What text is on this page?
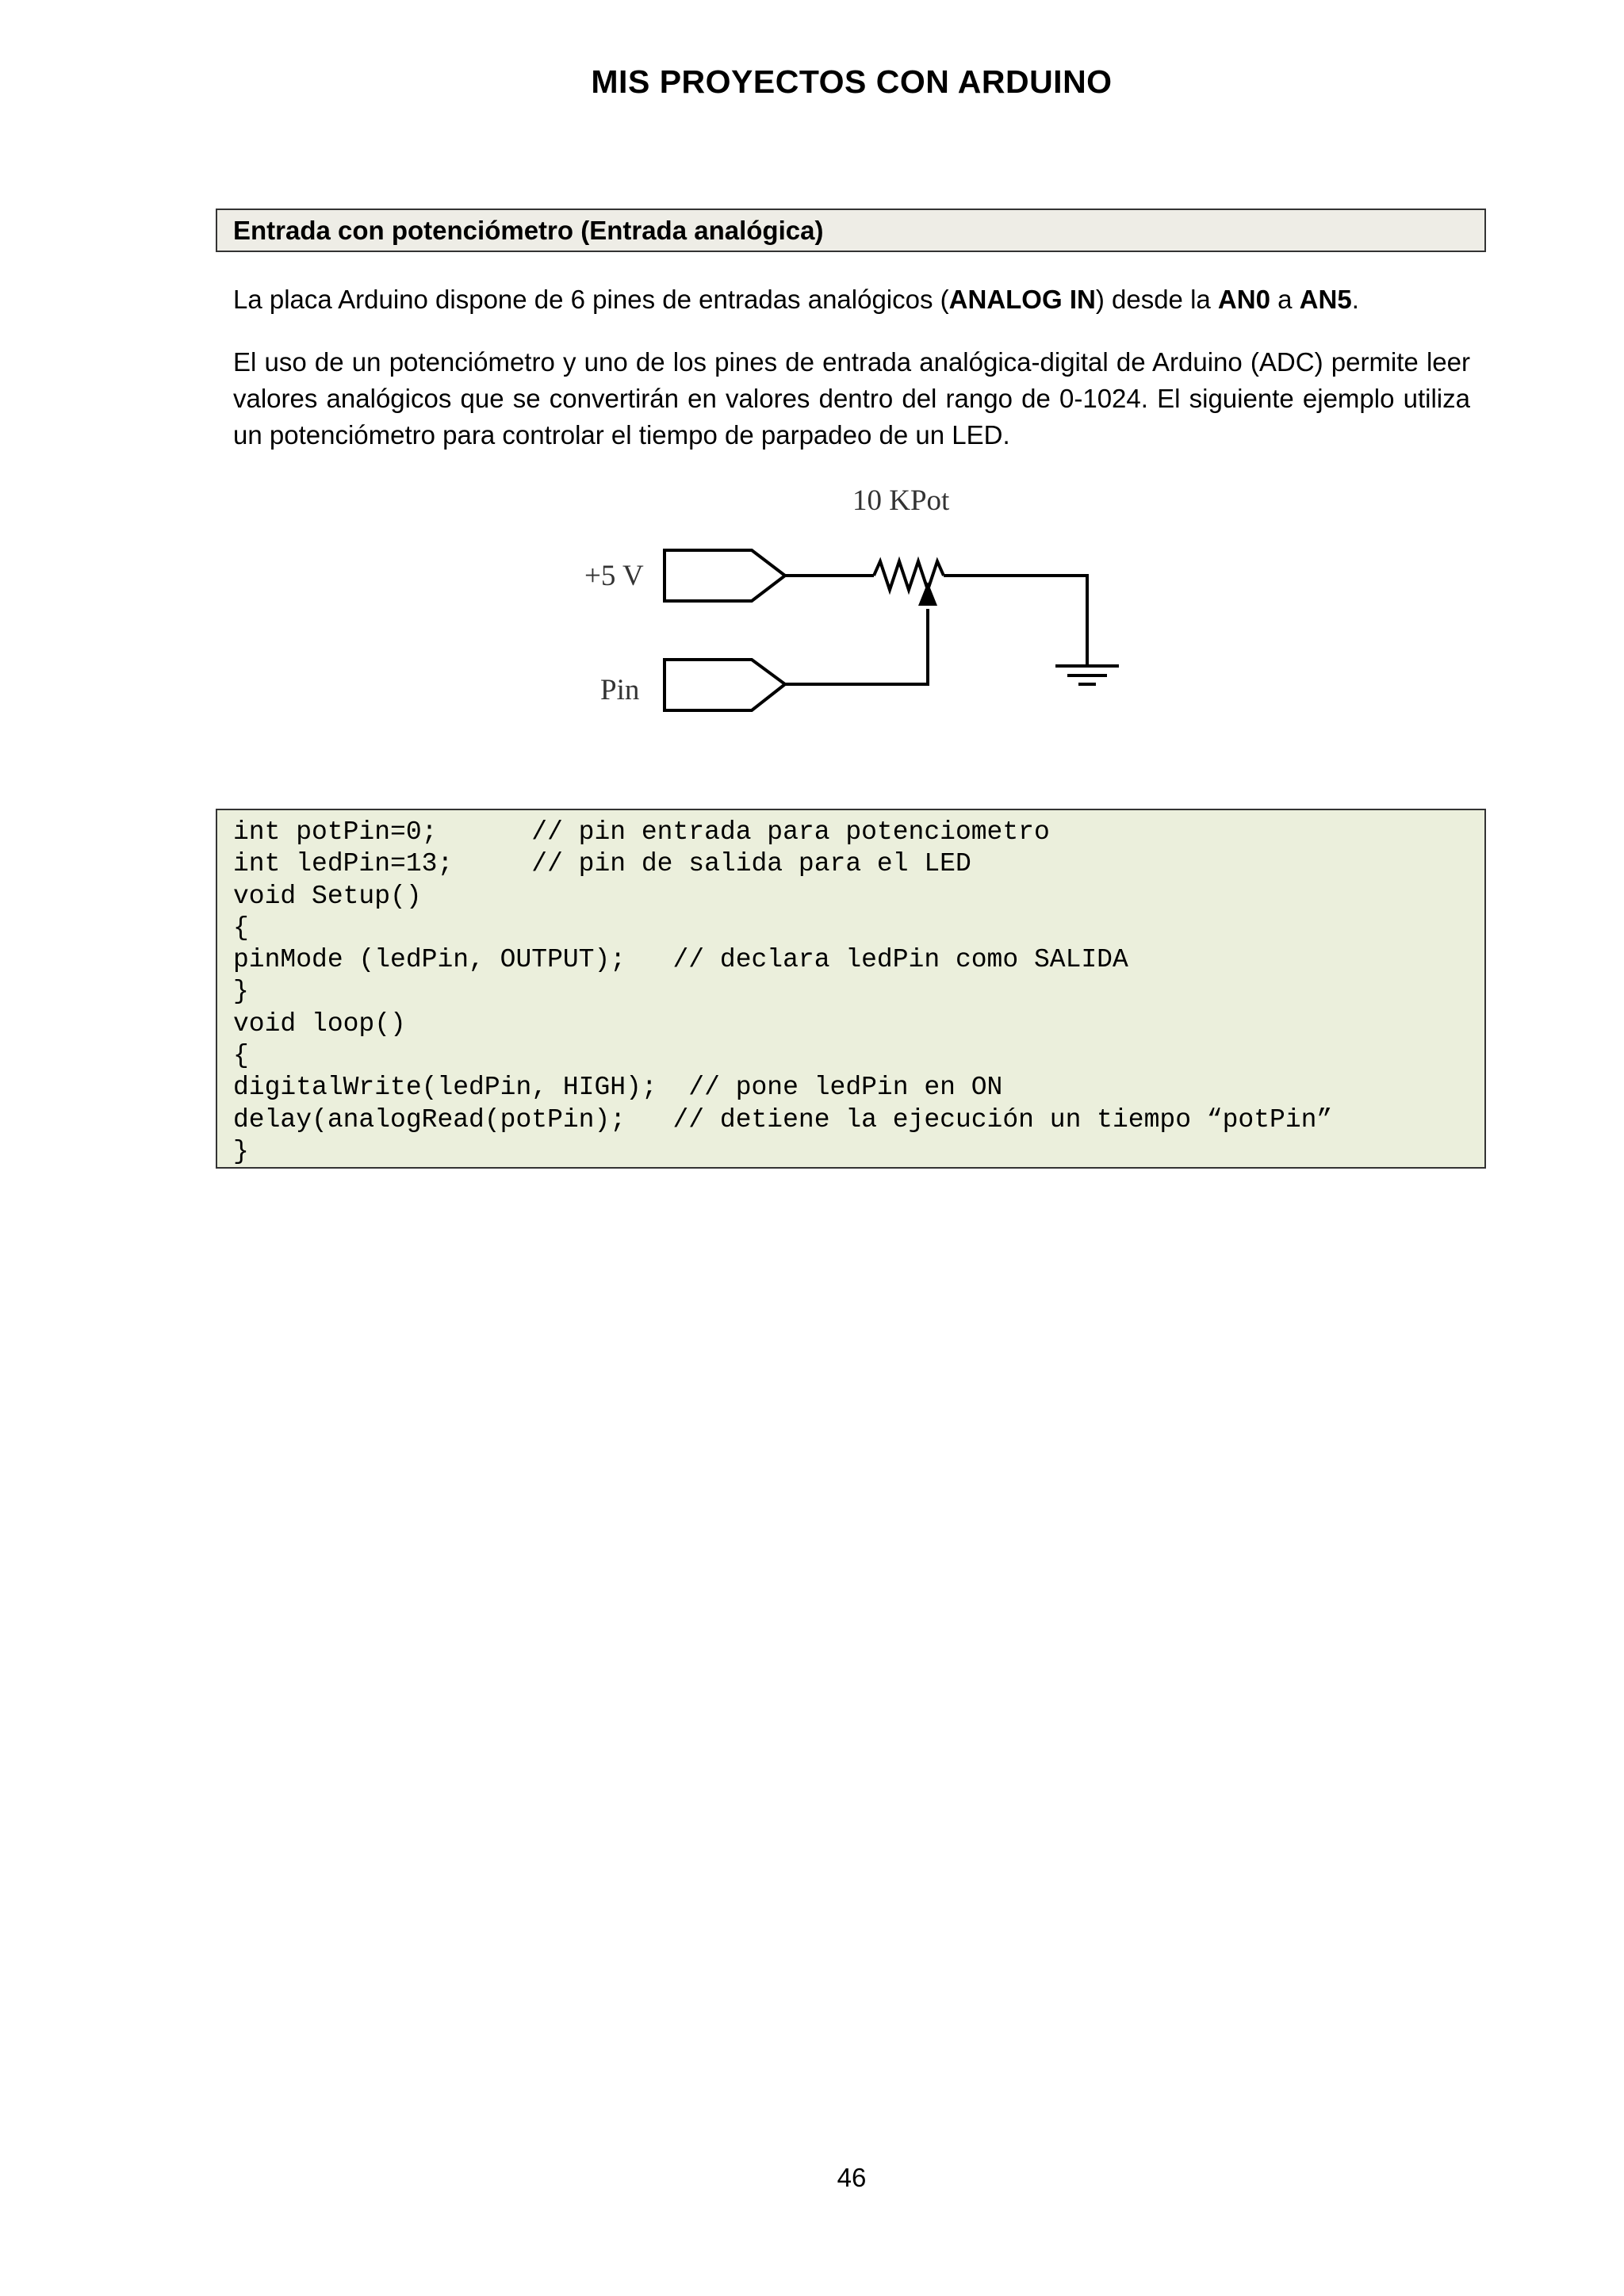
MIS PROYECTOS CON ARDUINO
Entrada con potenciómetro (Entrada analógica)
La placa Arduino dispone de 6 pines de entradas analógicos (ANALOG IN) desde la AN0 a AN5.
El uso de un potenciómetro y uno de los pines de entrada analógica-digital de Arduino (ADC) permite leer valores analógicos que se convertirán en valores dentro del rango de 0-1024. El siguiente ejemplo utiliza un potenciómetro para controlar el tiempo de parpadeo de un LED.
10 KPot
+5 V
Pin
int potPin=0;      // pin entrada para potenciometro
int ledPin=13;     // pin de salida para el LED
void Setup()
{
pinMode (ledPin, OUTPUT);   // declara ledPin como SALIDA
}
void loop()
{
digitalWrite(ledPin, HIGH);  // pone ledPin en ON
delay(analogRead(potPin);   // detiene la ejecución un tiempo “potPin”
}
46
